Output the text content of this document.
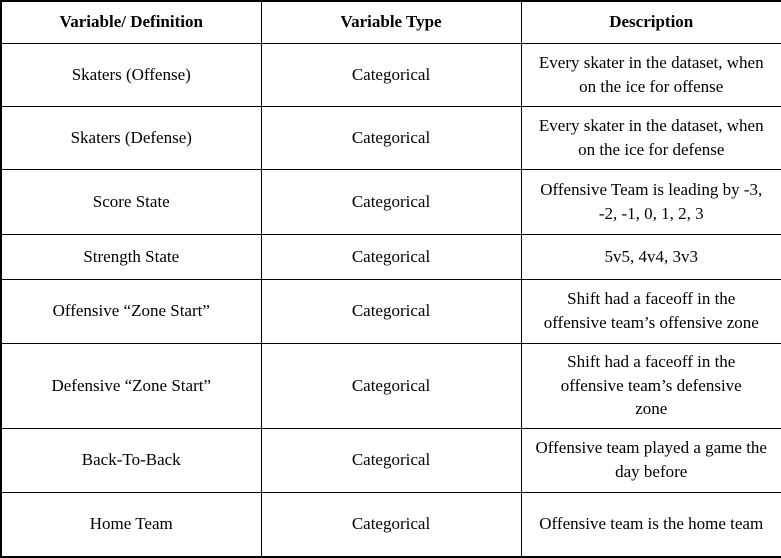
Variable/ Definition	Variable Type	Description
Skaters (Offense)	Categorical	Every skater in the dataset, when on the ice for offense

Skaters (Defense)	Categorical	Every skater in the dataset, when on the ice for defense

Score State	Categorical	Offensive Team is leading by -3, -2, -1, 0, 1, 2, 3

Strength State	Categorical	5v5, 4v4, 3v3

Offensive “Zone Start”	Categorical	Shift had a faceoff in the offensive team’s offensive zone

Defensive “Zone Start”	Categorical	Shift had a faceoff in the offensive team’s defensive zone

Back-To-Back	Categorical	Offensive team played a game the day before

Home Team	Categorical	Offensive team is the home team
